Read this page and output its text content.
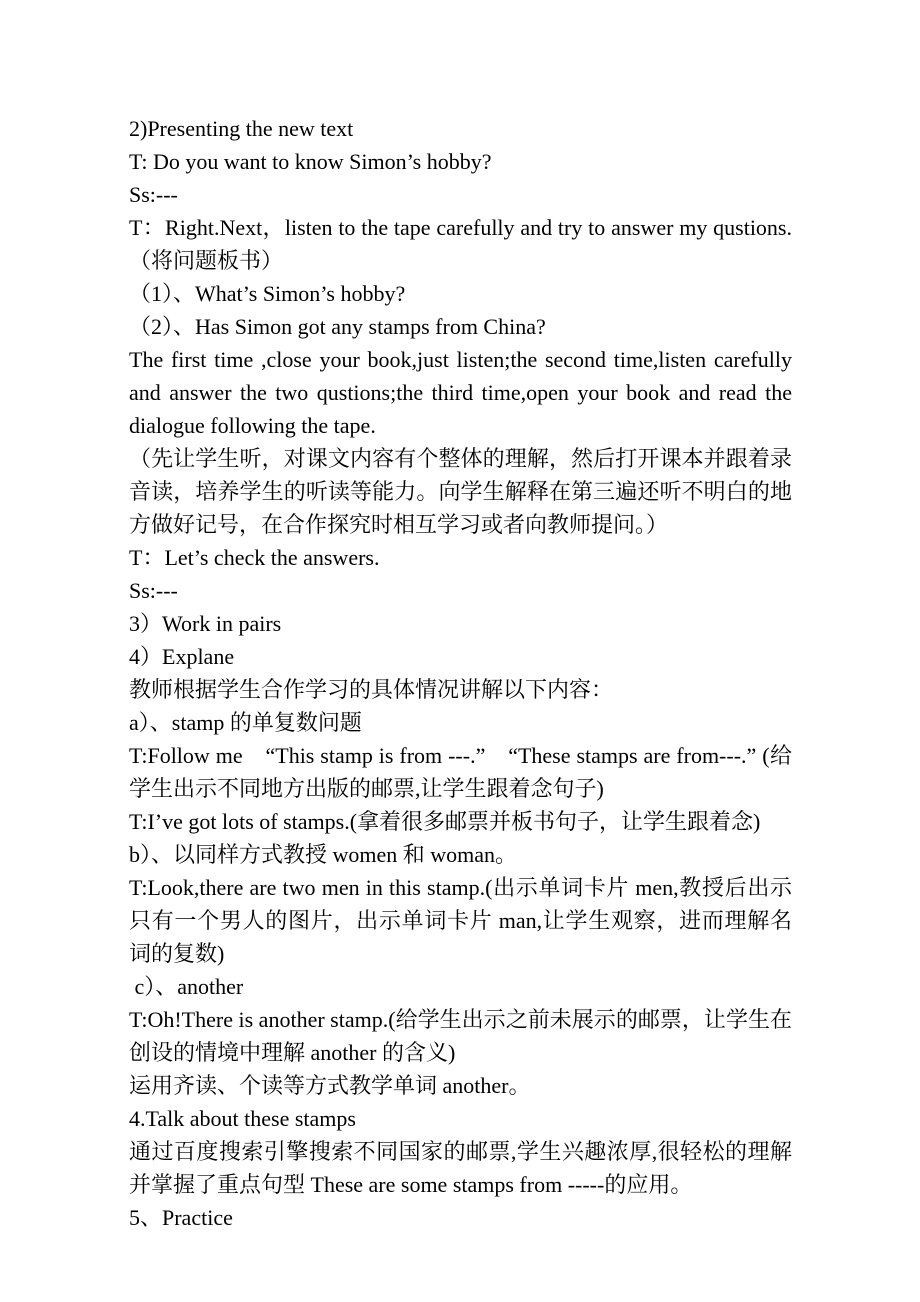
2)Presenting the new text

T: Do you want to know Simon’s hobby?

Ss:---

T：Right.Next，listen to the tape carefully and try to answer my qustions.（将问题板书）

（1）、What’s Simon’s hobby?

（2）、Has Simon got any stamps from China?

The first time ,close your book,just listen;the second time,listen carefully and answer the two qustions;the third time,open your book and read the dialogue following the tape.

（先让学生听，对课文内容有个整体的理解，然后打开课本并跟着录音读，培养学生的听读等能力。向学生解释在第三遍还听不明白的地方做好记号，在合作探究时相互学习或者向教师提问。）

T：Let’s check the answers.

Ss:---

3）Work in pairs

4）Explane

教师根据学生合作学习的具体情况讲解以下内容：

a）、stamp 的单复数问题

T:Follow me　“This stamp is from ---.”　“These stamps are from---.” (给学生出示不同地方出版的邮票,让学生跟着念句子)

T:I’ve got lots of stamps.(拿着很多邮票并板书句子，让学生跟着念)

b）、以同样方式教授 women 和 woman。

T:Look,there are two men in this stamp.(出示单词卡片 men,教授后出示只有一个男人的图片，出示单词卡片 man,让学生观察，进而理解名词的复数)

c）、another

T:Oh!There is another stamp.(给学生出示之前未展示的邮票，让学生在创设的情境中理解 another 的含义)

运用齐读、个读等方式教学单词 another。

4.Talk about these stamps

通过百度搜索引擎搜索不同国家的邮票,学生兴趣浓厚,很轻松的理解并掌握了重点句型 These are some stamps from -----的应用。

5、Practice
